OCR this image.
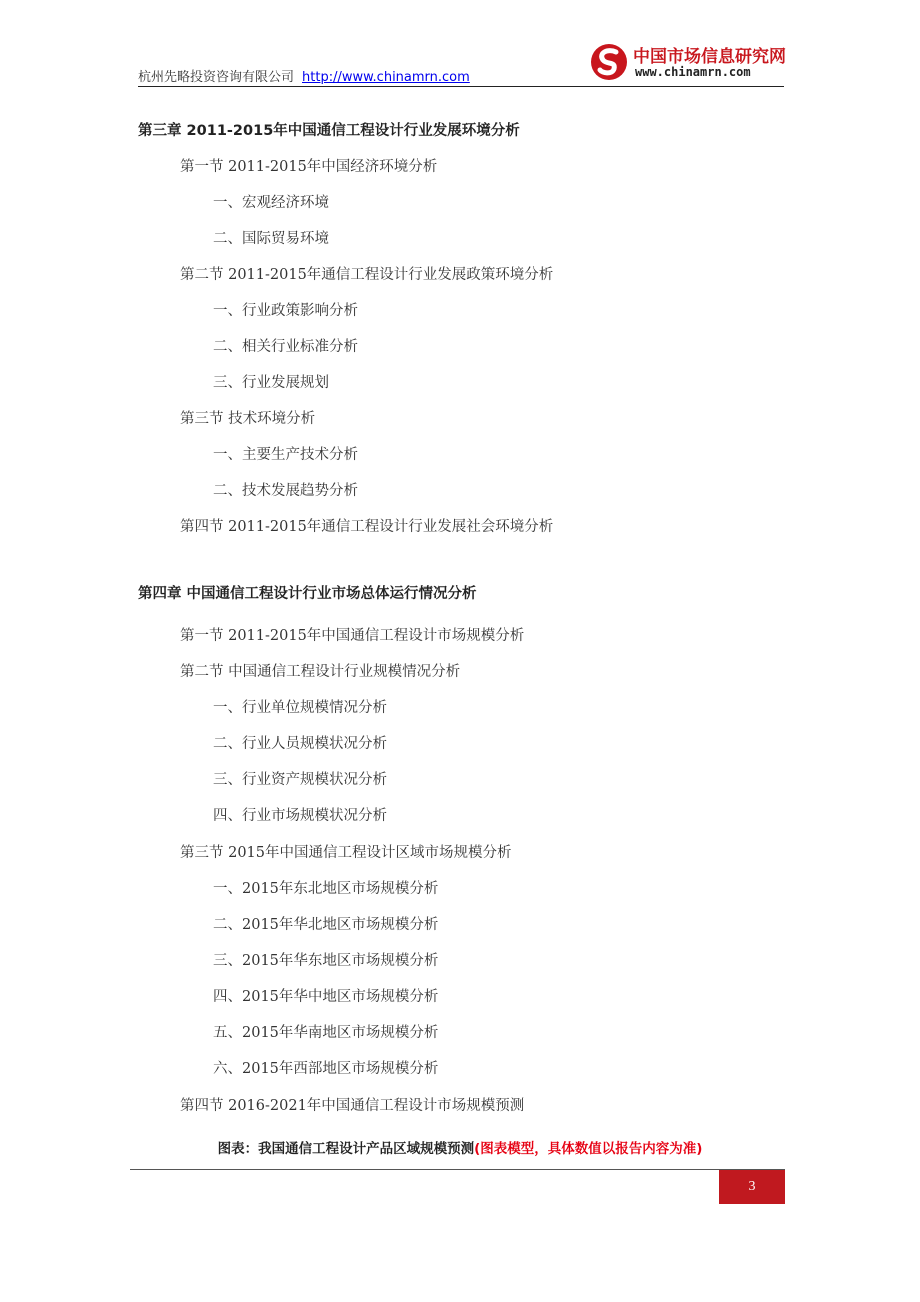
杭州先略投资咨询有限公司 http://www.chinamrn.com
中国市场信息研究网
www.chinamrn.com
第三章 2011-2015年中国通信工程设计行业发展环境分析
第一节 2011-2015年中国经济环境分析
一、宏观经济环境
二、国际贸易环境
第二节 2011-2015年通信工程设计行业发展政策环境分析
一、行业政策影响分析
二、相关行业标准分析
三、行业发展规划
第三节 技术环境分析
一、主要生产技术分析
二、技术发展趋势分析
第四节 2011-2015年通信工程设计行业发展社会环境分析
第四章 中国通信工程设计行业市场总体运行情况分析
第一节 2011-2015年中国通信工程设计市场规模分析
第二节 中国通信工程设计行业规模情况分析
一、行业单位规模情况分析
二、行业人员规模状况分析
三、行业资产规模状况分析
四、行业市场规模状况分析
第三节 2015年中国通信工程设计区域市场规模分析
一、2015年东北地区市场规模分析
二、2015年华北地区市场规模分析
三、2015年华东地区市场规模分析
四、2015年华中地区市场规模分析
五、2015年华南地区市场规模分析
六、2015年西部地区市场规模分析
第四节 2016-2021年中国通信工程设计市场规模预测
图表：我国通信工程设计产品区域规模预测(图表模型，具体数值以报告内容为准)
3
